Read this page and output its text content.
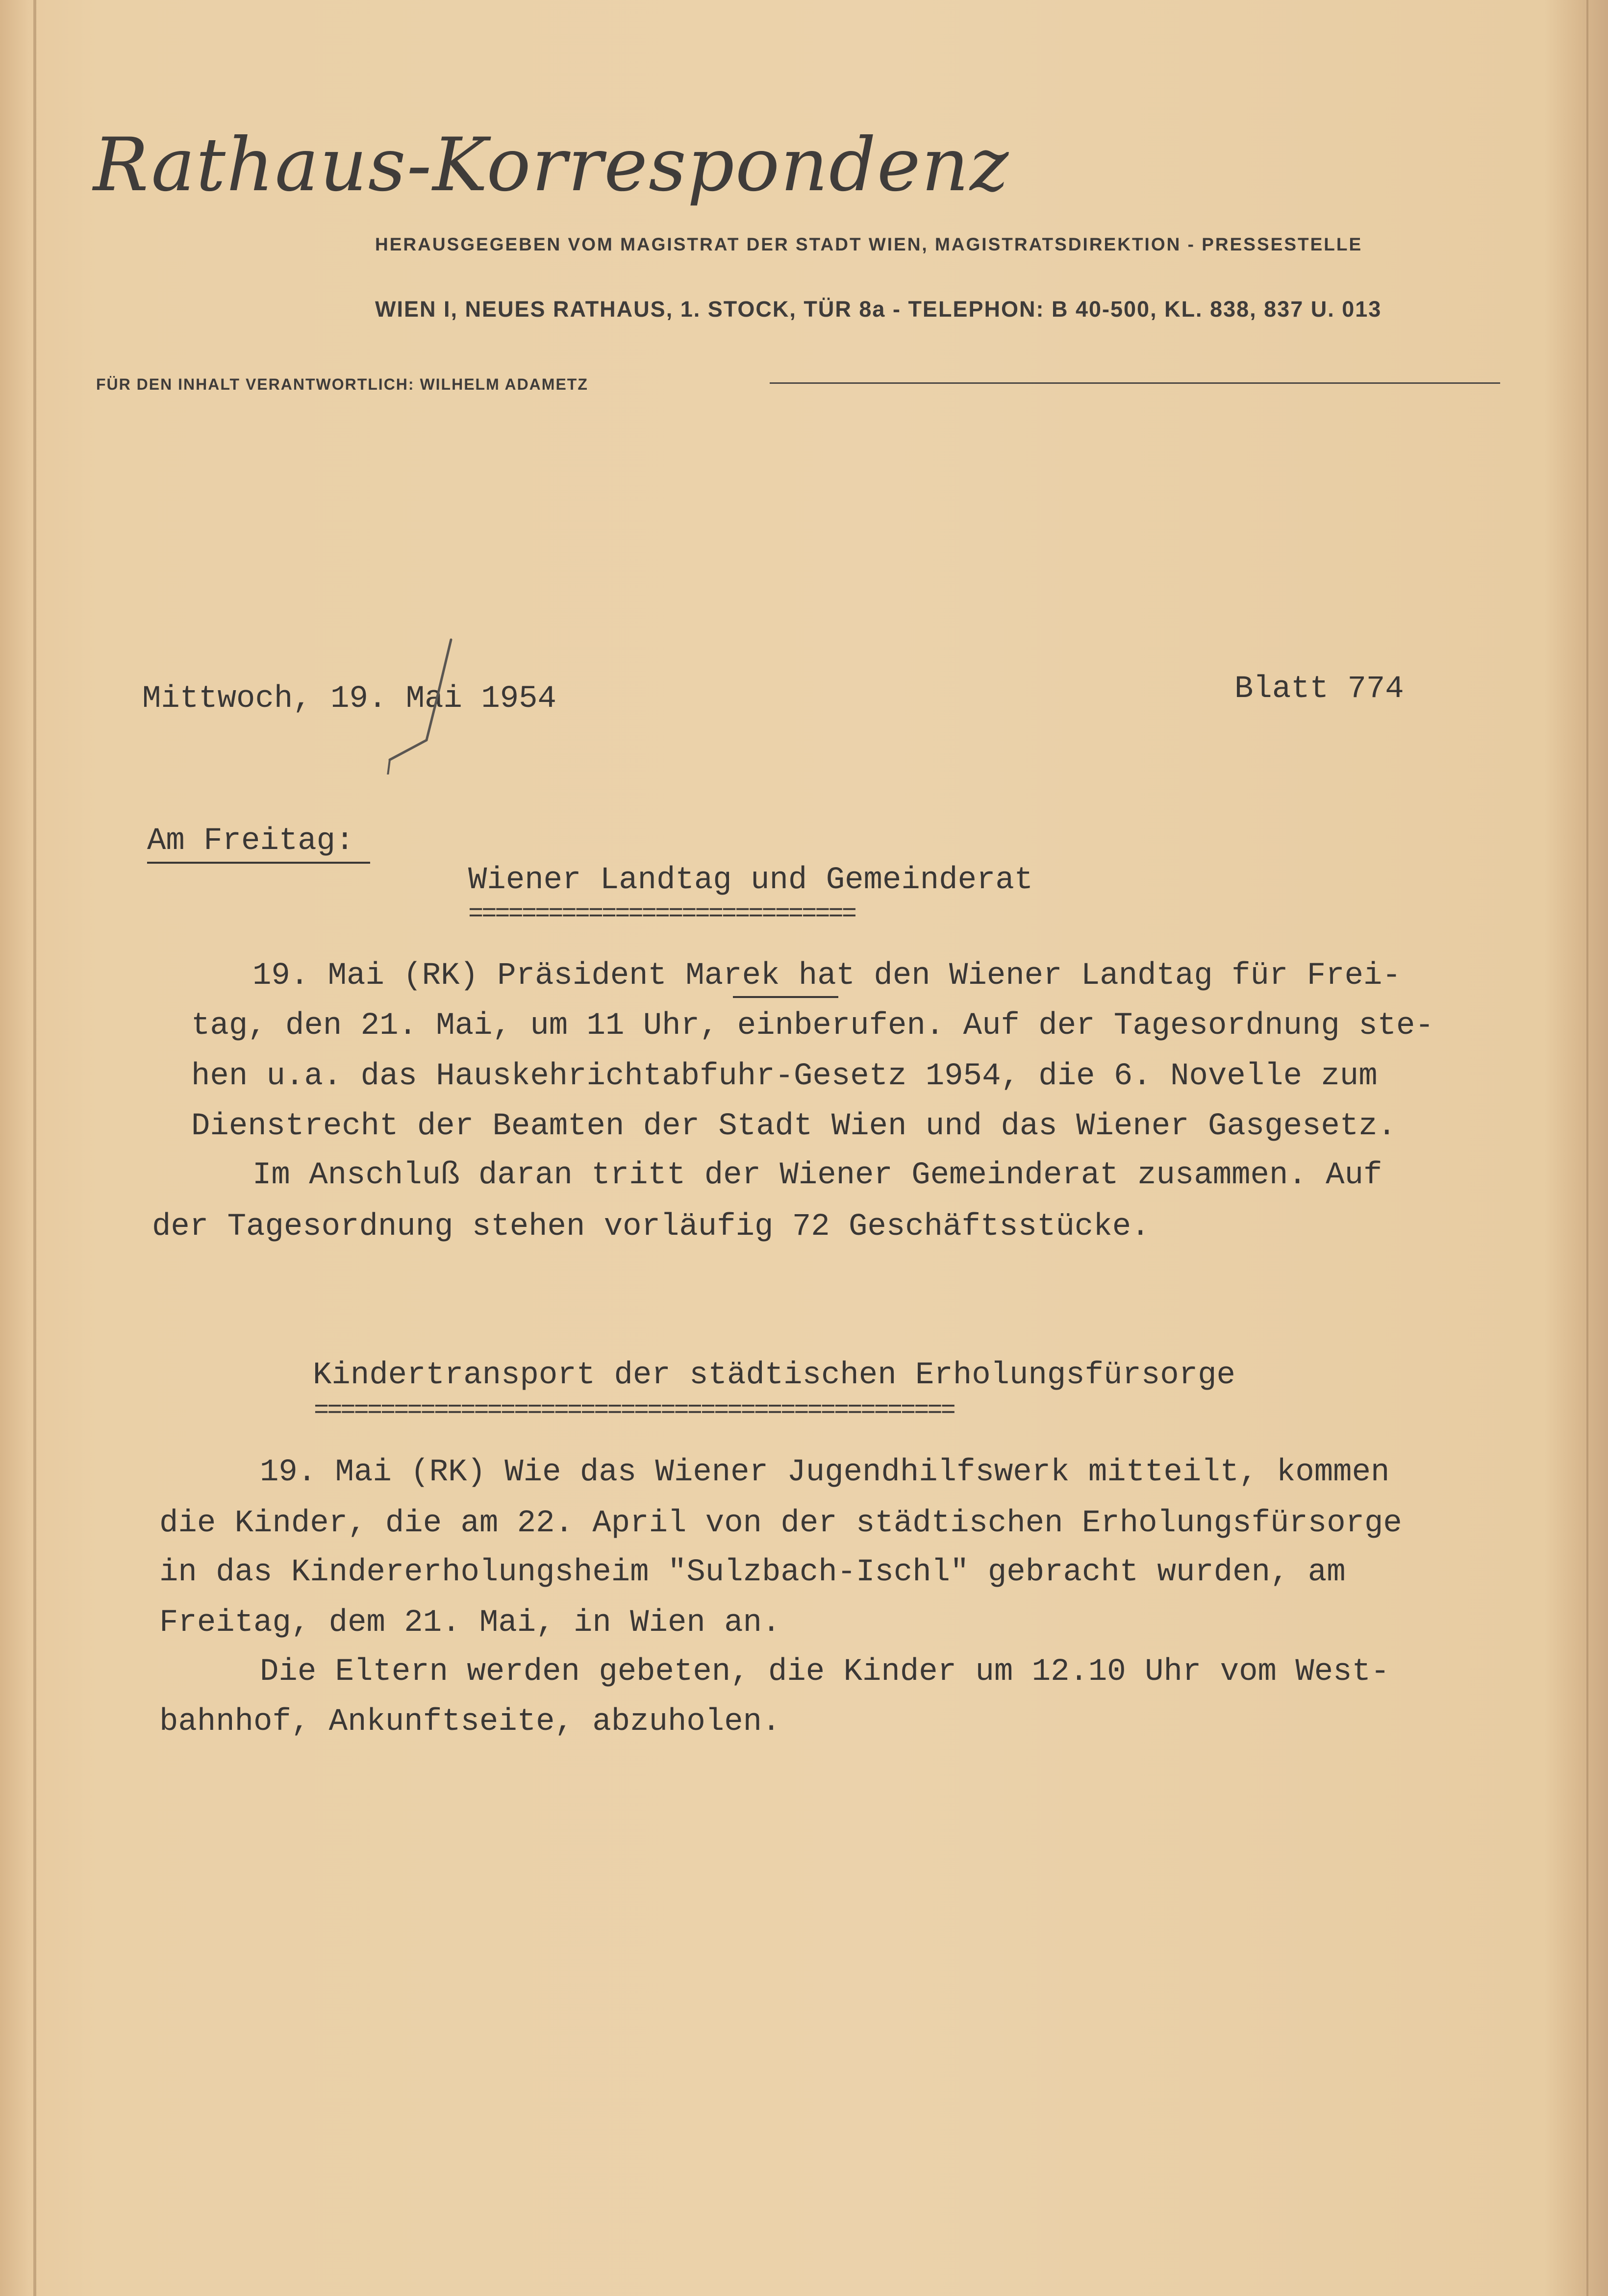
Rathaus-Korrespondenz
HERAUSGEGEBEN VOM MAGISTRAT DER STADT WIEN, MAGISTRATSDIREKTION - PRESSESTELLE
WIEN I, NEUES RATHAUS, 1. STOCK, TÜR 8a - TELEPHON: B 40-500, KL. 838, 837 U. 013
FÜR DEN INHALT VERANTWORTLICH: WILHELM ADAMETZ
Mittwoch, 19. Mai 1954	Blatt 774
Am Freitag:
Wiener Landtag und Gemeinderat
=============================
19. Mai (RK) Präsident Marek hat den Wiener Landtag für Frei-
tag, den 21. Mai, um 11 Uhr, einberufen. Auf der Tagesordnung ste-
hen u.a. das Hauskehrichtabfuhr-Gesetz 1954, die 6. Novelle zum
Dienstrecht der Beamten der Stadt Wien und das Wiener Gasgesetz.
Im Anschluß daran tritt der Wiener Gemeinderat zusammen. Auf
der Tagesordnung stehen vorläufig 72 Geschäftsstücke.
Kindertransport der städtischen Erholungsfürsorge
================================================
19. Mai (RK) Wie das Wiener Jugendhilfswerk mitteilt, kommen
die Kinder, die am 22. April von der städtischen Erholungsfürsorge
in das Kindererholungsheim "Sulzbach-Ischl" gebracht wurden, am
Freitag, dem 21. Mai, in Wien an.
Die Eltern werden gebeten, die Kinder um 12.10 Uhr vom West-
bahnhof, Ankunftseite, abzuholen.
